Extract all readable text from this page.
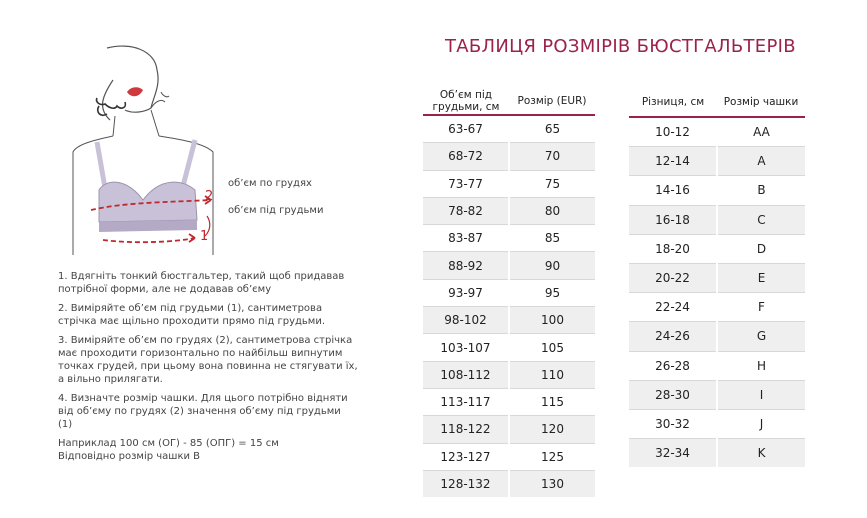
2
1
об’єм по грудях
об’єм під грудьми

1. Вдягніть тонкий бюстгальтер, такий щоб придавав потрібної форми, але не додавав об’єму

2. Виміряйте об’єм під грудьми (1), сантиметрова стрічка має щільно проходити прямо під грудьми.

3. Виміряйте об’єм по грудях (2), сантиметрова стрічка має проходити горизонтально по найбільш випнутим точках грудей, при цьому вона повинна не стягувати їх, а вільно прилягати.

4. Визначте розмір чашки. Для цього потрібно відняти від об’єму по грудях (2) значення об’єму під грудьми (1)

Наприклад 100 см (ОГ) - 85 (ОПГ) = 15 см

Відповідно розмір чашки В

ТАБЛИЦЯ РОЗМІРІВ БЮСТГАЛЬТЕРІВ
Об’єм під грудьми, см	Розмір (EUR)
63-67	65
68-72	70
73-77	75
78-82	80
83-87	85
88-92	90
93-97	95
98-102	100
103-107	105
108-112	110
113-117	115
118-122	120
123-127	125
128-132	130
Різниця, см	Розмір чашки
10-12	AA
12-14	A
14-16	B
16-18	C
18-20	D
20-22	E
22-24	F
24-26	G
26-28	H
28-30	I
30-32	J
32-34	K
